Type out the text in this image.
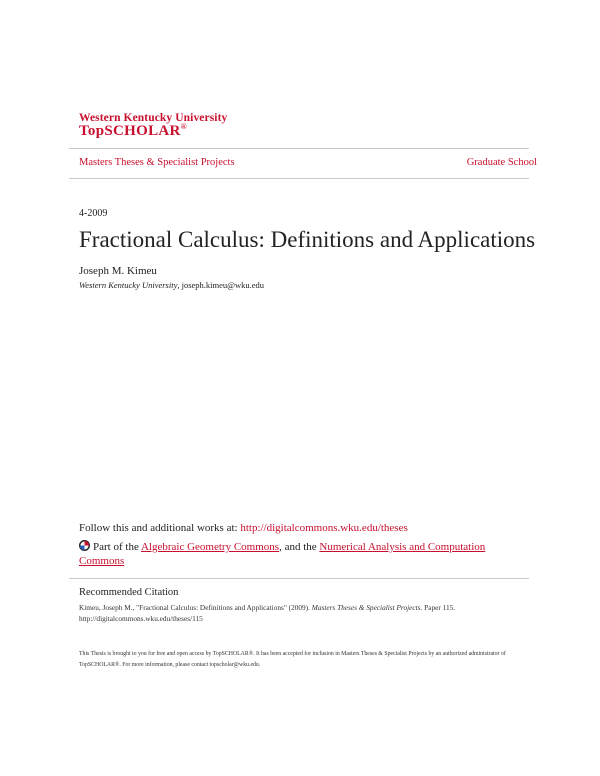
Western Kentucky University
TopSCHOLAR®
Masters Theses & Specialist Projects	Graduate School
4-2009
Fractional Calculus: Definitions and Applications
Joseph M. Kimeu
Western Kentucky University, joseph.kimeu@wku.edu
Follow this and additional works at: http://digitalcommons.wku.edu/theses
Part of the Algebraic Geometry Commons, and the Numerical Analysis and Computation Commons
Recommended Citation
Kimeu, Joseph M., "Fractional Calculus: Definitions and Applications" (2009). Masters Theses & Specialist Projects. Paper 115.
http://digitalcommons.wku.edu/theses/115
This Thesis is brought to you for free and open access by TopSCHOLAR®. It has been accepted for inclusion in Masters Theses & Specialist Projects by an authorized administrator of TopSCHOLAR®. For more information, please contact topscholar@wku.edu.
